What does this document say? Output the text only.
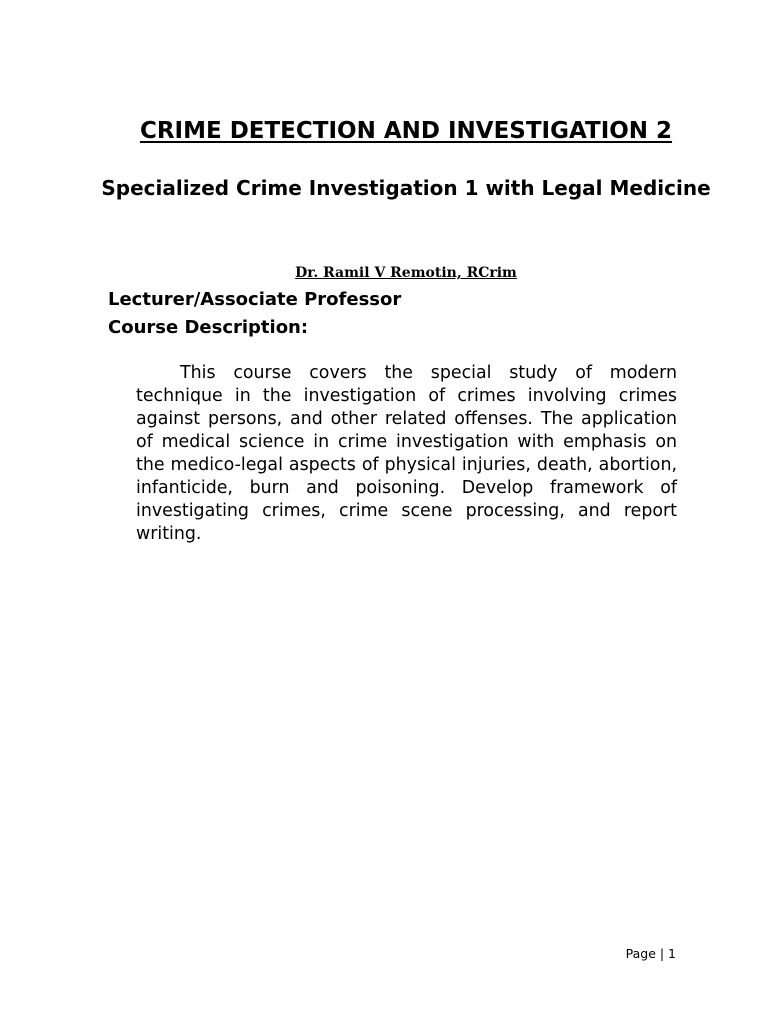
CRIME DETECTION AND INVESTIGATION 2
Specialized Crime Investigation 1 with Legal Medicine
Dr. Ramil V Remotin, RCrim
Lecturer/Associate Professor
Course Description:

This course covers the special study of modern technique in the investigation of crimes involving crimes against persons, and other related offenses. The application of medical science in crime investigation with emphasis on the medico-legal aspects of physical injuries, death, abortion, infanticide, burn and poisoning. Develop framework of investigating crimes, crime scene processing, and report writing.

Page | 1
